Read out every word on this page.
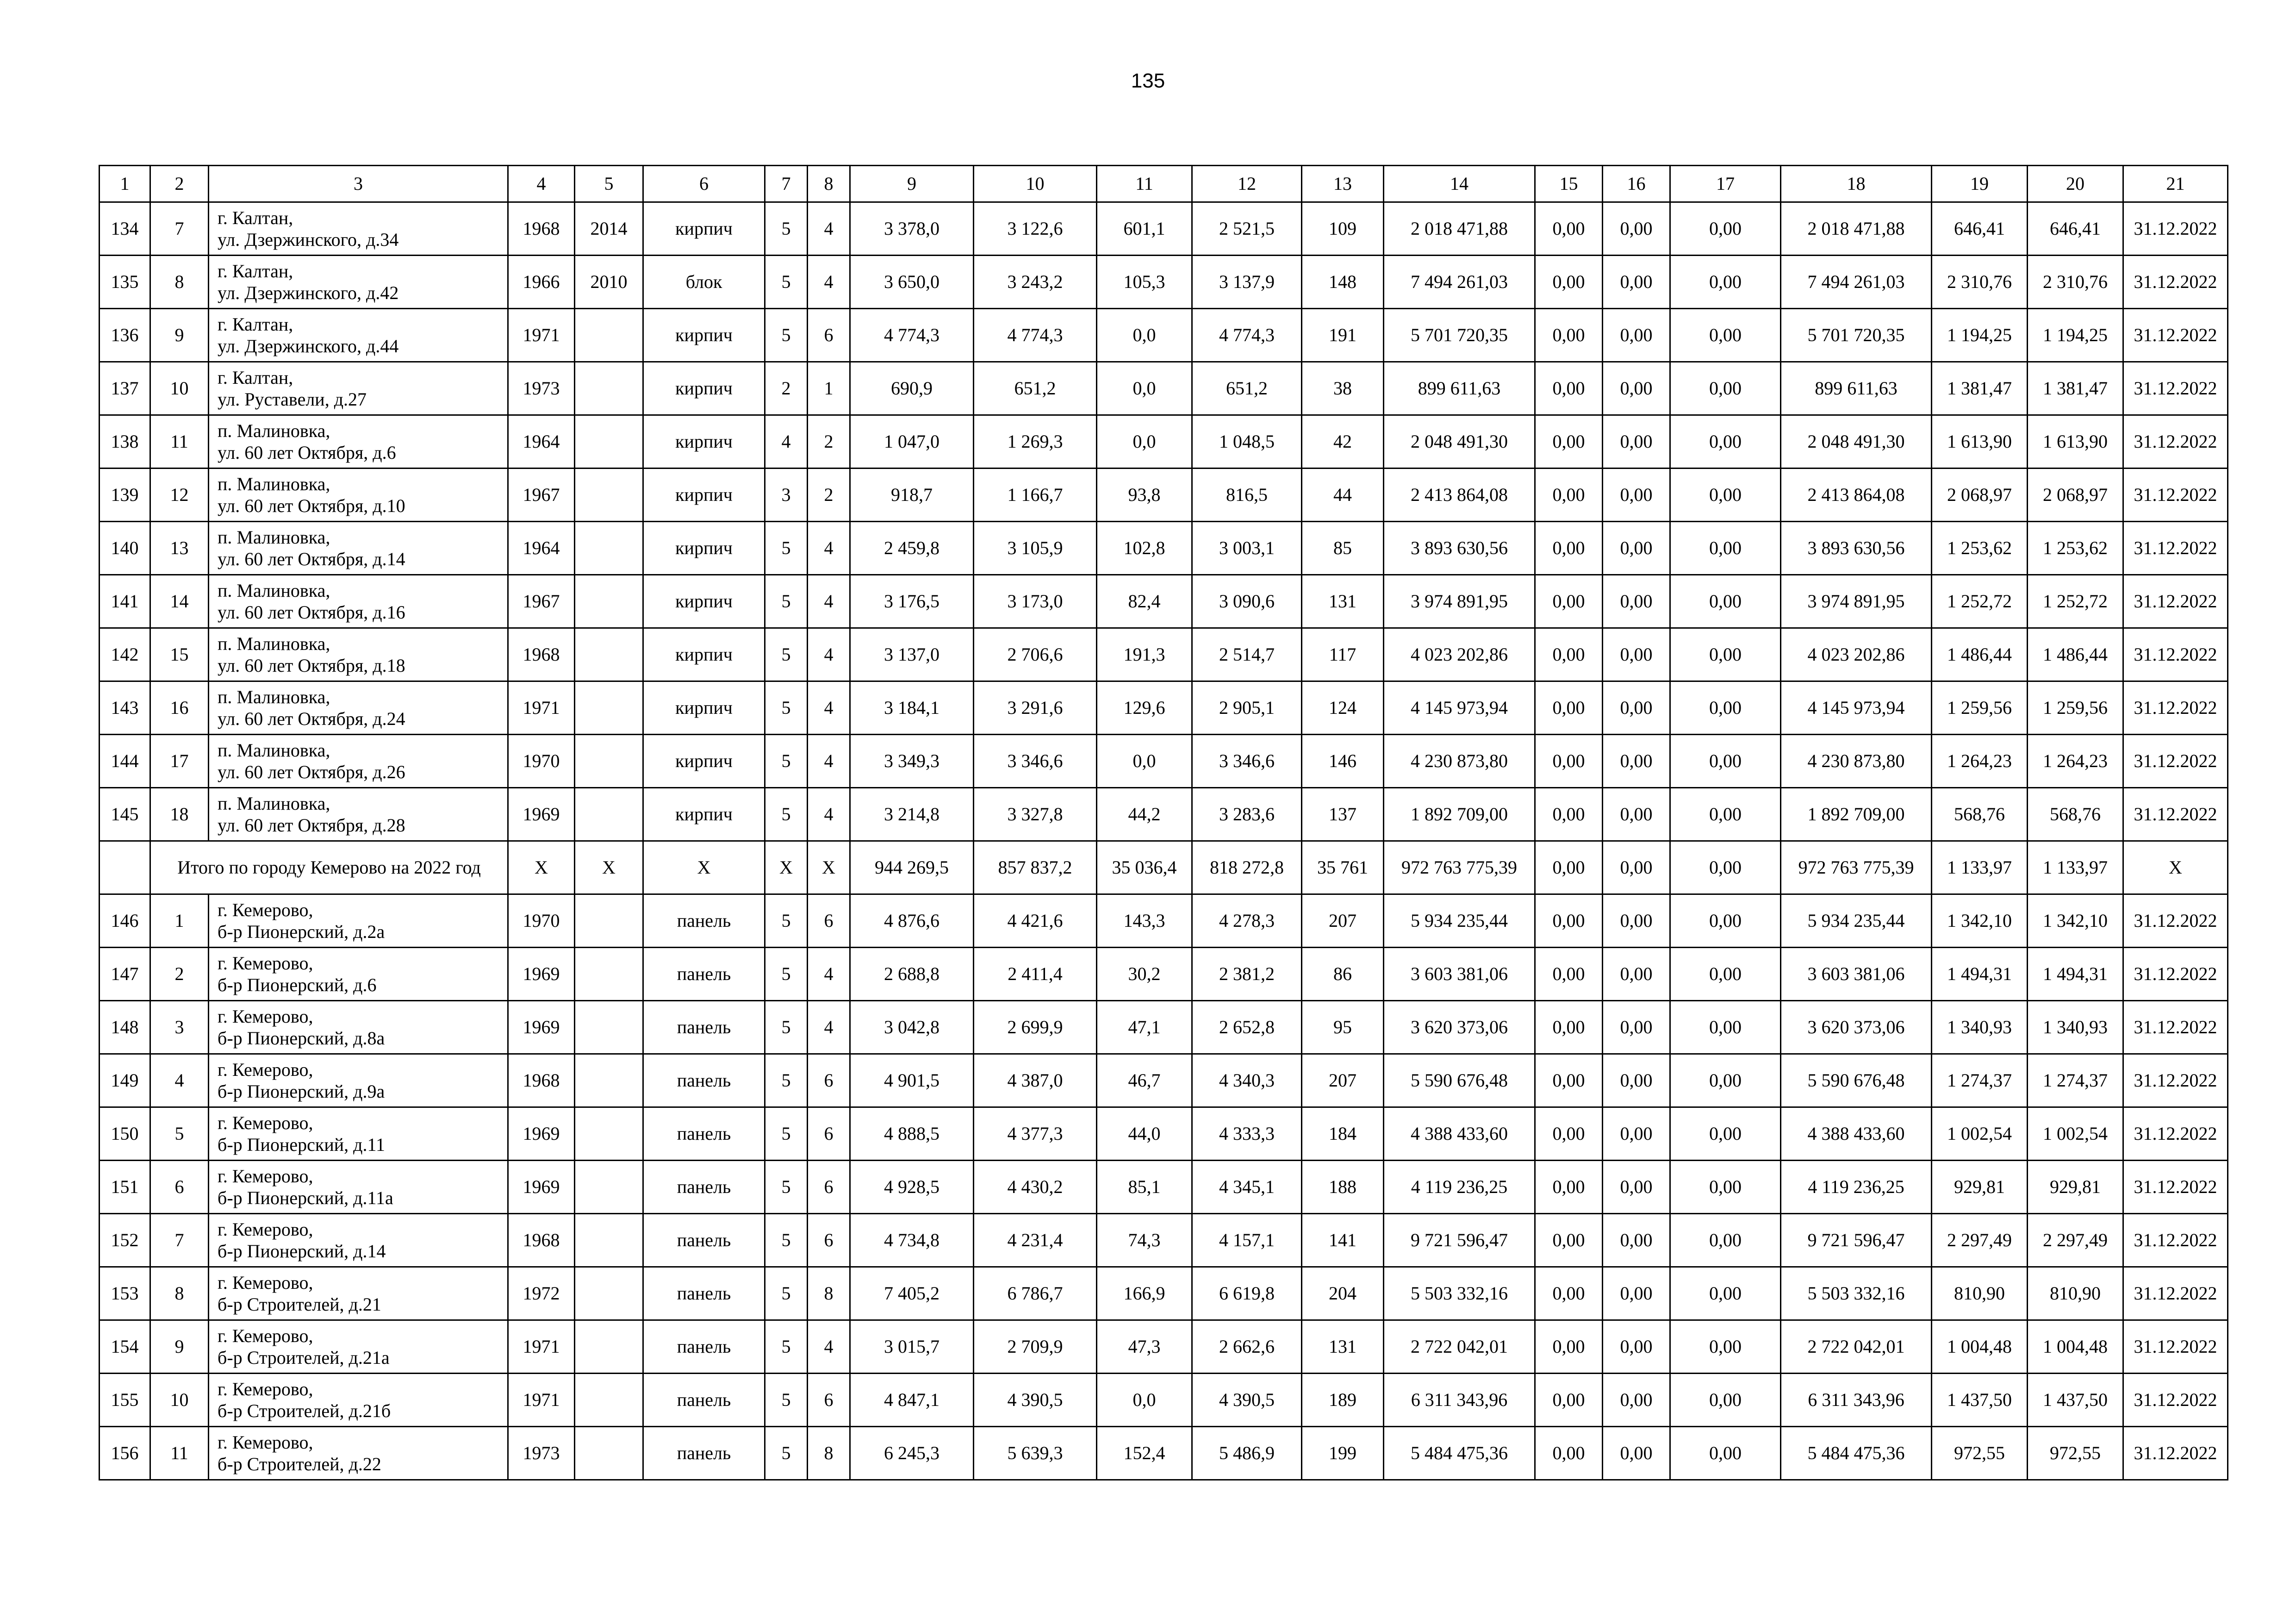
135
1	2	3	4	5	6	7	8	9	10	11	12	13	14	15	16	17	18	19	20	21
134	7	г. Калтан,
ул. Дзержинского, д.34	1968	2014	кирпич	5	4	3 378,0	3 122,6	601,1	2 521,5	109	2 018 471,88	0,00	0,00	0,00	2 018 471,88	646,41	646,41	31.12.2022
135	8	г. Калтан,
ул. Дзержинского, д.42	1966	2010	блок	5	4	3 650,0	3 243,2	105,3	3 137,9	148	7 494 261,03	0,00	0,00	0,00	7 494 261,03	2 310,76	2 310,76	31.12.2022
136	9	г. Калтан,
ул. Дзержинского, д.44	1971		кирпич	5	6	4 774,3	4 774,3	0,0	4 774,3	191	5 701 720,35	0,00	0,00	0,00	5 701 720,35	1 194,25	1 194,25	31.12.2022
137	10	г. Калтан,
ул. Руставели, д.27	1973		кирпич	2	1	690,9	651,2	0,0	651,2	38	899 611,63	0,00	0,00	0,00	899 611,63	1 381,47	1 381,47	31.12.2022
138	11	п. Малиновка,
ул. 60 лет Октября, д.6	1964		кирпич	4	2	1 047,0	1 269,3	0,0	1 048,5	42	2 048 491,30	0,00	0,00	0,00	2 048 491,30	1 613,90	1 613,90	31.12.2022
139	12	п. Малиновка,
ул. 60 лет Октября, д.10	1967		кирпич	3	2	918,7	1 166,7	93,8	816,5	44	2 413 864,08	0,00	0,00	0,00	2 413 864,08	2 068,97	2 068,97	31.12.2022
140	13	п. Малиновка,
ул. 60 лет Октября, д.14	1964		кирпич	5	4	2 459,8	3 105,9	102,8	3 003,1	85	3 893 630,56	0,00	0,00	0,00	3 893 630,56	1 253,62	1 253,62	31.12.2022
141	14	п. Малиновка,
ул. 60 лет Октября, д.16	1967		кирпич	5	4	3 176,5	3 173,0	82,4	3 090,6	131	3 974 891,95	0,00	0,00	0,00	3 974 891,95	1 252,72	1 252,72	31.12.2022
142	15	п. Малиновка,
ул. 60 лет Октября, д.18	1968		кирпич	5	4	3 137,0	2 706,6	191,3	2 514,7	117	4 023 202,86	0,00	0,00	0,00	4 023 202,86	1 486,44	1 486,44	31.12.2022
143	16	п. Малиновка,
ул. 60 лет Октября, д.24	1971		кирпич	5	4	3 184,1	3 291,6	129,6	2 905,1	124	4 145 973,94	0,00	0,00	0,00	4 145 973,94	1 259,56	1 259,56	31.12.2022
144	17	п. Малиновка,
ул. 60 лет Октября, д.26	1970		кирпич	5	4	3 349,3	3 346,6	0,0	3 346,6	146	4 230 873,80	0,00	0,00	0,00	4 230 873,80	1 264,23	1 264,23	31.12.2022
145	18	п. Малиновка,
ул. 60 лет Октября, д.28	1969		кирпич	5	4	3 214,8	3 327,8	44,2	3 283,6	137	1 892 709,00	0,00	0,00	0,00	1 892 709,00	568,76	568,76	31.12.2022
	Итого по городу Кемерово на 2022 год		X	X	X	X	X	944 269,5	857 837,2	35 036,4	818 272,8	35 761	972 763 775,39	0,00	0,00	0,00	972 763 775,39	1 133,97	1 133,97	X
146	1	г. Кемерово,
б-р Пионерский, д.2а	1970		панель	5	6	4 876,6	4 421,6	143,3	4 278,3	207	5 934 235,44	0,00	0,00	0,00	5 934 235,44	1 342,10	1 342,10	31.12.2022
147	2	г. Кемерово,
б-р Пионерский, д.6	1969		панель	5	4	2 688,8	2 411,4	30,2	2 381,2	86	3 603 381,06	0,00	0,00	0,00	3 603 381,06	1 494,31	1 494,31	31.12.2022
148	3	г. Кемерово,
б-р Пионерский, д.8а	1969		панель	5	4	3 042,8	2 699,9	47,1	2 652,8	95	3 620 373,06	0,00	0,00	0,00	3 620 373,06	1 340,93	1 340,93	31.12.2022
149	4	г. Кемерово,
б-р Пионерский, д.9а	1968		панель	5	6	4 901,5	4 387,0	46,7	4 340,3	207	5 590 676,48	0,00	0,00	0,00	5 590 676,48	1 274,37	1 274,37	31.12.2022
150	5	г. Кемерово,
б-р Пионерский, д.11	1969		панель	5	6	4 888,5	4 377,3	44,0	4 333,3	184	4 388 433,60	0,00	0,00	0,00	4 388 433,60	1 002,54	1 002,54	31.12.2022
151	6	г. Кемерово,
б-р Пионерский, д.11а	1969		панель	5	6	4 928,5	4 430,2	85,1	4 345,1	188	4 119 236,25	0,00	0,00	0,00	4 119 236,25	929,81	929,81	31.12.2022
152	7	г. Кемерово,
б-р Пионерский, д.14	1968		панель	5	6	4 734,8	4 231,4	74,3	4 157,1	141	9 721 596,47	0,00	0,00	0,00	9 721 596,47	2 297,49	2 297,49	31.12.2022
153	8	г. Кемерово,
б-р Строителей, д.21	1972		панель	5	8	7 405,2	6 786,7	166,9	6 619,8	204	5 503 332,16	0,00	0,00	0,00	5 503 332,16	810,90	810,90	31.12.2022
154	9	г. Кемерово,
б-р Строителей, д.21а	1971		панель	5	4	3 015,7	2 709,9	47,3	2 662,6	131	2 722 042,01	0,00	0,00	0,00	2 722 042,01	1 004,48	1 004,48	31.12.2022
155	10	г. Кемерово,
б-р Строителей, д.21б	1971		панель	5	6	4 847,1	4 390,5	0,0	4 390,5	189	6 311 343,96	0,00	0,00	0,00	6 311 343,96	1 437,50	1 437,50	31.12.2022
156	11	г. Кемерово,
б-р Строителей, д.22	1973		панель	5	8	6 245,3	5 639,3	152,4	5 486,9	199	5 484 475,36	0,00	0,00	0,00	5 484 475,36	972,55	972,55	31.12.2022
